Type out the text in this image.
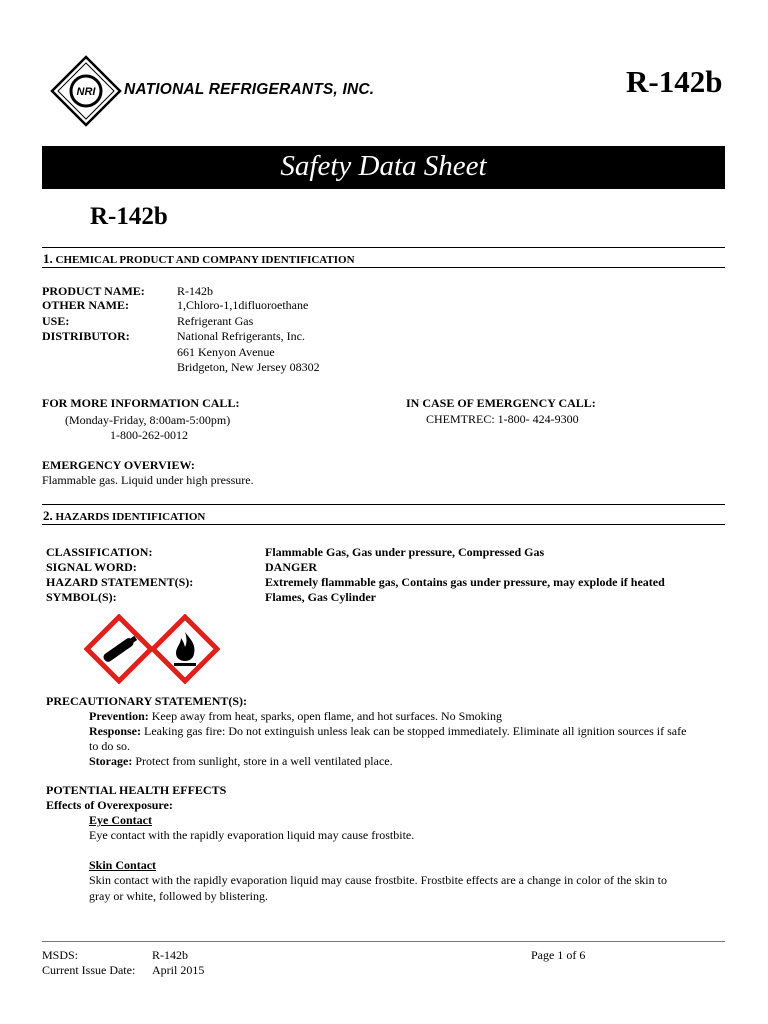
NRI NATIONAL REFRIGERANTS, INC.	R-142b
Safety Data Sheet
R-142b
1. CHEMICAL PRODUCT AND COMPANY IDENTIFICATION
PRODUCT NAME:	R-142b
OTHER NAME:	1,Chloro-1,1difluoroethane
USE:	Refrigerant Gas
DISTRIBUTOR:	National Refrigerants, Inc.
661 Kenyon Avenue
Bridgeton, New Jersey 08302
FOR MORE INFORMATION CALL:
(Monday-Friday, 8:00am-5:00pm)
1-800-262-0012
IN CASE OF EMERGENCY CALL:
CHEMTREC: 1-800- 424-9300
EMERGENCY OVERVIEW:
Flammable gas. Liquid under high pressure.
2. HAZARDS IDENTIFICATION
CLASSIFICATION:	Flammable Gas, Gas under pressure, Compressed Gas
SIGNAL WORD:	DANGER
HAZARD STATEMENT(S):	Extremely flammable gas, Contains gas under pressure, may explode if heated
SYMBOL(S):	Flames, Gas Cylinder
PRECAUTIONARY STATEMENT(S):
Prevention: Keep away from heat, sparks, open flame, and hot surfaces. No Smoking
Response: Leaking gas fire: Do not extinguish unless leak can be stopped immediately. Eliminate all ignition sources if safe
to do so.
Storage: Protect from sunlight, store in a well ventilated place.
POTENTIAL HEALTH EFFECTS
Effects of Overexposure:
Eye Contact
Eye contact with the rapidly evaporation liquid may cause frostbite.
Skin Contact
Skin contact with the rapidly evaporation liquid may cause frostbite. Frostbite effects are a change in color of the skin to
gray or white, followed by blistering.
MSDS:	R-142b	Page 1 of 6
Current Issue Date: April 2015
